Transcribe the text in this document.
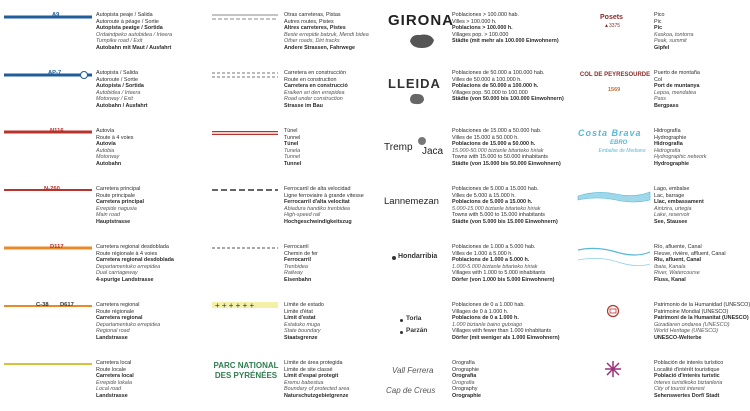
A9	Autopista peaje / Salida
Autoroute à péage / Sortie
Autopista peatge / Sortida
Ordaindpeko autobidea / Irteera
Turnpike road / Exit
Autobahn mit Maut / Ausfahrt
AP-7	Autopista / Salida
Autoroute / Sortie
Autopista / Sortida
Autobidea / Irteera
Motorway / Exit
Autobahn / Ausfahrt
N116	Autovía
Route à 4 voies
Autovía
Autobia
Motorway
Autobahn
N-260	Carretera principal
Route principale
Carretera principal
Errepide nagusia
Main road
Hauptstrasse
D117	Carretera regional desdoblada
Route régionale à 4 voies
Carretera regional desdoblada
Departamentuko errepidea
Dual carriageway
4-spurige Landstrasse
C-38 D617	Carretera regional
Route régionale
Carretera regional
Departamentuko errepidea
Regional road
Landstrasse
Carretera local
Route locale
Carretera local
Errepide lokala
Local road
Landstrasse
Otras carreteras, Pistas
Autres routes, Pistes
Altres carreteres, Pistes
Beste errepide batzuk, Mendi bidea
Other roads, Dirt tracks
Andere Strassen, Fahrwege
Carretera en construcción
Route en construction
Carretera en construcció
Eraiken ari den errepidea
Road under construction
Strasse im Bau
Túnel
Tunnel
Túnel
Tunela
Tunnel
Tunnel
Ferrocarril de alta velocidad
Ligne ferroviaire à grande vitesse
Ferrocarril d'alta velocitat
Abiadura handiko trenbidea
High-speed rail
Hochgeschwindigkeitszug
Ferrocarril
Chemin de fer
Ferrocarril
Trenbidea
Railway
Eisenbahn
+ + + + + +	Límite de estado
Limite d'état
Límit d'estat
Estatuko muga
State boundary
Staatsgrenze
PARC NATIONAL DES PYRÉNÉES
Límite de área protegida
Limite de site classé
Límit d'espai protegit
Eremu babestua
Boundary of protected area
Naturschutzgebietgrenze
GIRONA
Poblaciones > 100.000 hab.
Villes > 100.000 h.
Poblacions > 100.000 h.
Villages pop. > 100.000
Städte (mit mehr als 100.000 Einwohnern)
LLEIDA
Poblaciones de 50.000 a 100.000 hab.
Villes de 50.000 à 100.000 h.
Poblacions de 50.000 a 100.000 h.
Villages pop. 50.000 to 100.000
Städte (von 50.000 bis 100.000 Einwohnern)
Tremp Jaca
Poblaciones de 15.000 a 50.000 hab.
Villes de 15.000 à 50.000 h.
Poblacions de 15.000 a 50.000 h.
15.000-50.000 biztanle bitarteko hiriak
Towns with 15.000 to 50.000 inhabitants
Städte (von 15.000 bis 50.000 Einwohnern)
Lannemezan
Poblaciones de 5.000 a 15.000 hab.
Villes de 5.000 à 15.000 h.
Poblacions de 5.000 a 15.000 h.
5.000-15.000 biztanle bitarteko hiriak
Towns with 5.000 to 15.000 inhabitants
Städte (von 5.000 bis 15.000 Einwohnern)
Hondarribia
Poblaciones de 1.000 a 5.000 hab.
Villes de 1.000 à 5.000 h.
Poblacions de 1.000 a 5.000 h.
1.000-5.000 biztanle bitarteko hiriak
Villages with 1.000 to 5.000 inhabitants
Dörfer (von 1.000 bis 5.000 Einwohnern)
Torla
Parzán
Poblaciones de 0 a 1.000 hab.
Villages de 0 à 1.000 h.
Poblacions de 0 a 1.000 h.
1.000 biztanle baino gutxiago
Villages with fewer than 1.000 inhabitants
Dörfer (mit weniger als 1.000 Einwohnern)
Vall Ferrera
Cap de Creus
Orografía
Orographie
Orografia
Orografia
Orography
Orographie
Posets
▲3375
Pico
Pic
Pic
Kaskoa, tontorra
Peak, summit
Gipfel
COL DE PEYRESOURDE
1569
Puerto de montaña
Col
Port de muntanya
Lepoa, mendatea
Pass
Bergpass
Costa Brava
EBRO
Embalse de Mediano
Hidrografía
Hydrographie
Hidrografia
Hidrografia
Hydrographic network
Hydrographie
Lago, embalse
Lac, barrage
Llac, embassament
Aintzira, urtegia
Lake, reservoir
See, Stausee
Río, afluente, Canal
Fleuve, rivière, affluent, Canal
Riu, afluent, Canal
Ibaia, Kanala
River, Watercourse
Fluss, Kanal
Patrimonio de la Humanidad (UNESCO)
Patrimoine Mondial (UNESCO)
Patrimoni de la Humanitat (UNESCO)
Gizadiaren ondarea (UNESCO)
World Heritage (UNESCO)
UNESCO-Welterbe
Población de interés turístico
Localité d'intérêt touristique
Població d'interès turístic
Interes turistikoko biztanleria
City of tourist interest
Sehenswertes Dorf/ Stadt
